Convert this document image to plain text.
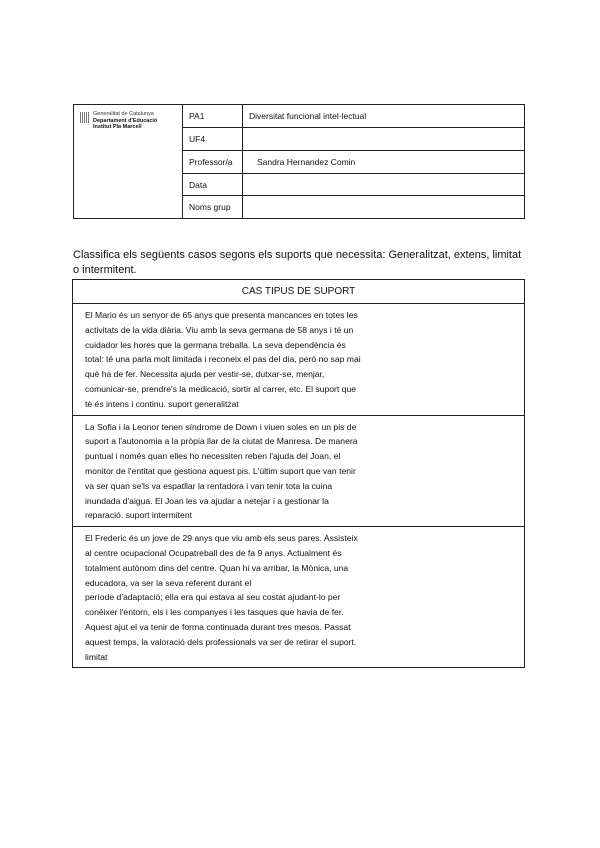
Generalitat de Catalunya
Departament d'Educació
Institut Pla Marcell	PA1	Diversitat funcional intel·lectual
	UF4	
	Professor/a	Sandra Hernandez Comin
	Data	
	Noms grup	

Classifica els següents casos segons els suports que necessita: Generalitzat, extens, limitat o intermitent.

CAS TIPUS DE SUPORT

El Mario és un senyor de 65 anys que presenta mancances en totes les
activitats de la vida diària. Viu amb la seva germana de 58 anys i té un
cuidador les hores que la germana treballa. La seva dependència és
total: té una parla molt limitada i reconeix el pas del dia, però no sap mai
què ha de fer. Necessita ajuda per vestir-se, dutxar-se, menjar,
comunicar-se, prendre's la medicació, sortir al carrer, etc. El suport que
tè és intens i continu. suport generalitzat

La Sofia i la Leonor tenen síndrome de Down i viuen soles en un pis de
suport a l'autonomia a la pròpia llar de la ciutat de Manresa. De manera
puntual i només quan elles ho necessiten reben l'ajuda del Joan, el
monitor de l'entitat que gestiona aquest pis. L'últim suport que van tenir
va ser quan se'ls va espatllar la rentadora i van tenir tota la cuina
inundada d'aigua. El Joan les va ajudar a netejar i a gestionar la
reparació. suport intermitent

El Frederic és un jove de 29 anys que viu amb els seus pares. Assisteix
al centre ocupacional Ocupatreball des de fa 9 anys. Actualment és
totalment autònom dins del centre. Quan hi va arribar, la Mònica, una
educadora, va ser la seva referent durant el
període d'adaptació; ella era qui estava al seu costat ajudant-lo per
conèixer l'entorn, els i les companyes i les tasques que havia de fer.
Aquest ajut el va tenir de forma continuada durant tres mesos. Passat
aquest temps, la valoració dels professionals va ser de retirar el suport.
limitat
